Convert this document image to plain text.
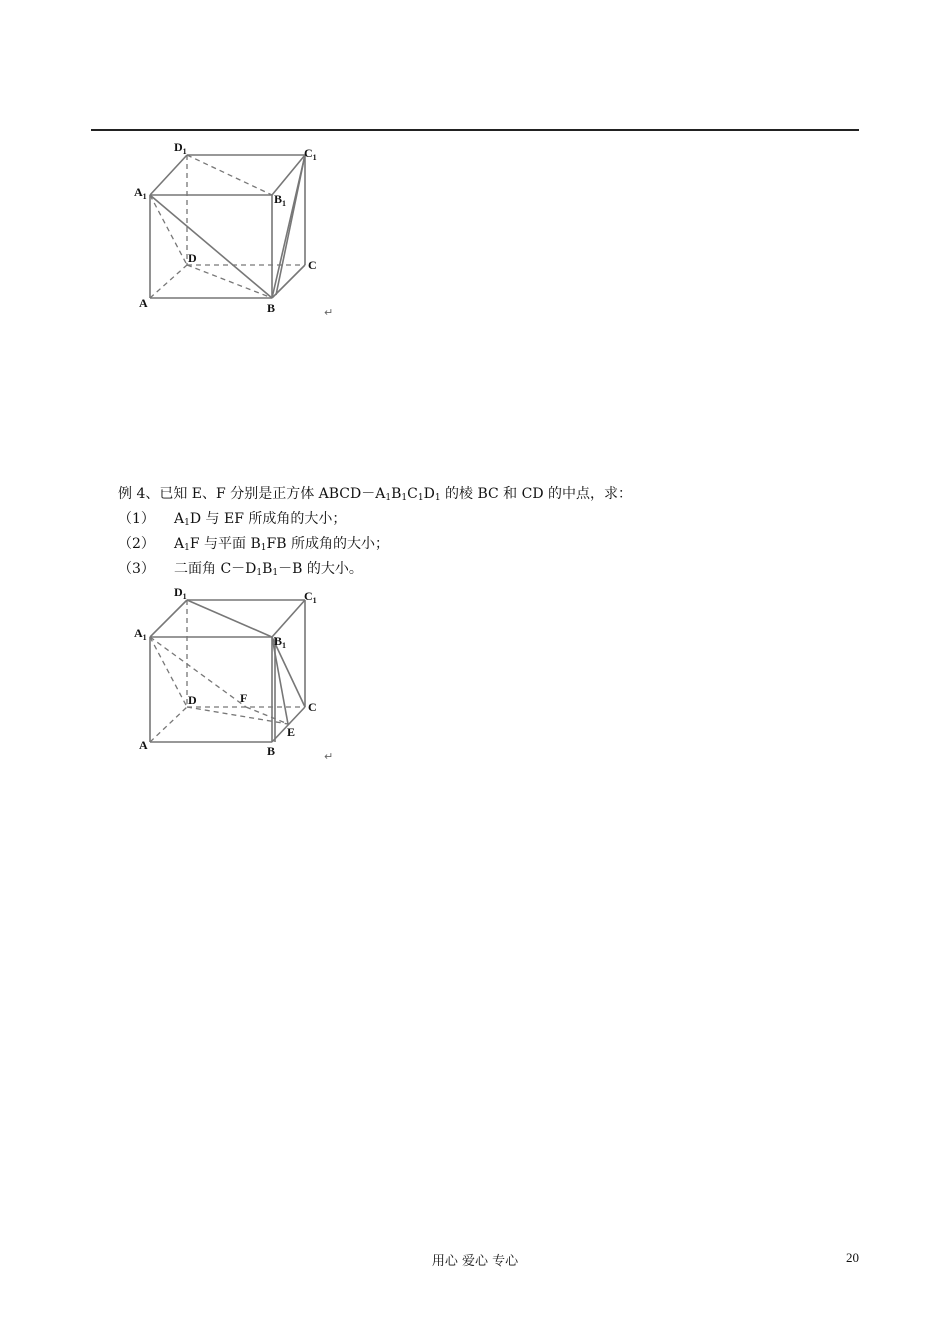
$D_1$	$C_1$
$A_1$	$B_1$
D	C
A	B	↵
例 4、已知 E、F 分别是正方体 $ABCD-A_1B_1C_1D_1$ 的棱 BC 和 CD 的中点，求：
（1） $A_1D$ 与 EF 所成角的大小；
（2） $A_1F$ 与平面 $B_1FB$ 所成角的大小；
（3） 二面角 $C-D_1B_1-B$ 的大小。
$D_1$	$C_1$
$A_1$	$B_1$
D	F
C
E
A	B	↵
用心 爱心 专心	20
